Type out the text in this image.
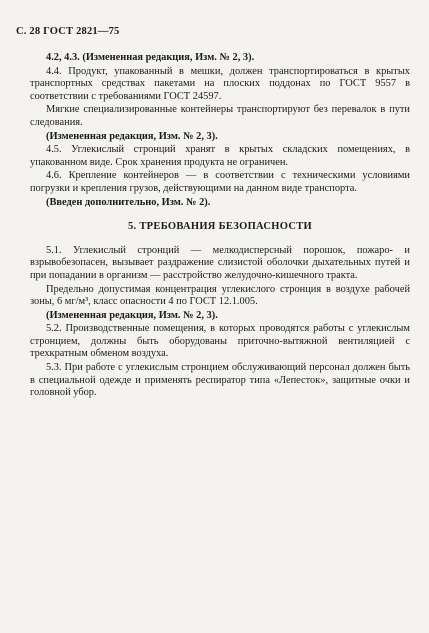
С. 28 ГОСТ 2821—75

4.2, 4.3. (Измененная редакция, Изм. № 2, 3).

4.4. Продукт, упакованный в мешки, должен транспортироваться в крытых транспортных средствах пакетами на плоских поддонах по ГОСТ 9557 в соответствии с требованиями ГОСТ 24597.

Мягкие специализированные контейнеры транспортируют без перевалок в пути следования.

(Измененная редакция, Изм. № 2, 3).

4.5. Углекислый стронций хранят в крытых складских помещениях, в упакованном виде. Срок хранения продукта не ограничен.

4.6. Крепление контейнеров — в соответствии с техническими условиями погрузки и крепления грузов, действующими на данном виде транспорта.

(Введен дополнительно, Изм. № 2).

5. ТРЕБОВАНИЯ БЕЗОПАСНОСТИ

5.1. Углекислый стронций — мелкодисперсный порошок, пожаро- и взрывобезопасен, вызывает раздражение слизистой оболочки дыхательных путей и при попадании в организм — расстройство желудочно-кишечного тракта.

Предельно допустимая концентрация углекислого стронция в воздухе рабочей зоны, 6 мг/м³, класс опасности 4 по ГОСТ 12.1.005.

(Измененная редакция, Изм. № 2, 3).

5.2. Производственные помещения, в которых проводятся работы с углекислым стронцием, должны быть оборудованы приточно-вытяжной вентиляцией с трехкратным обменом воздуха.

5.3. При работе с углекислым стронцием обслуживающий персонал должен быть в специальной одежде и применять респиратор типа «Лепесток», защитные очки и головной убор.
